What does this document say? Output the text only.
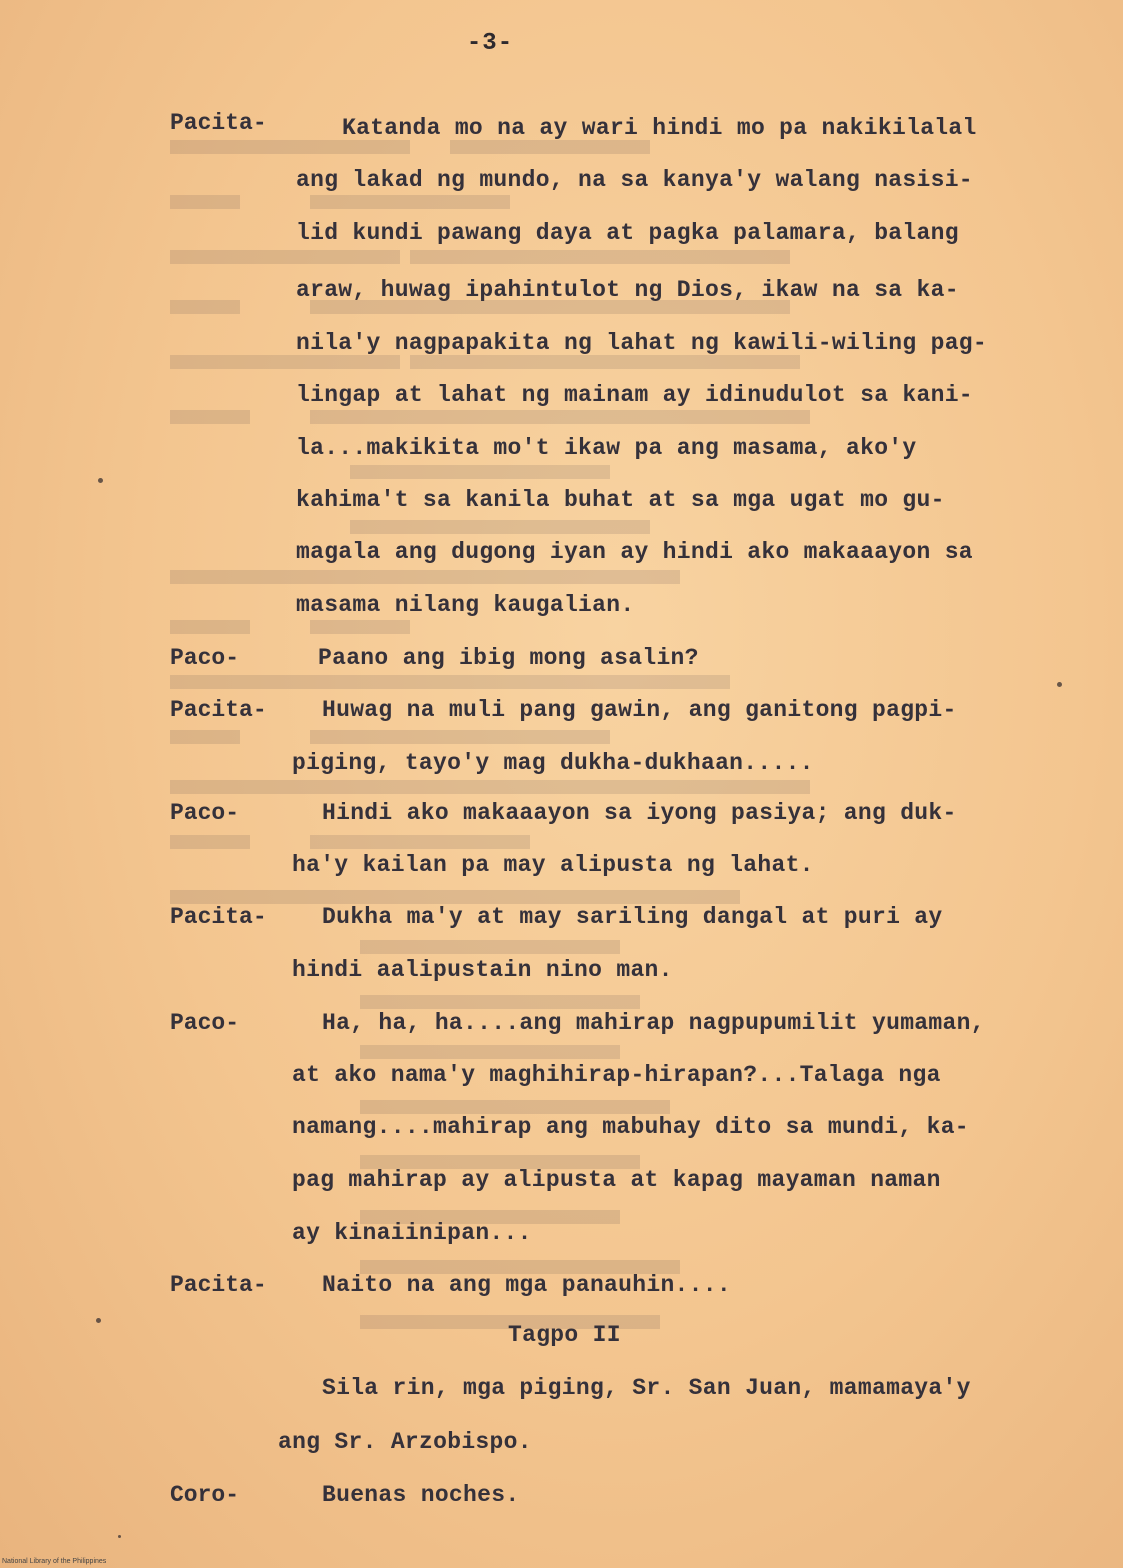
-3-
Pacita-	Katanda mo na ay wari hindi mo pa nakikilalal
ang lakad ng mundo, na sa kanya'y walang nasisi-
lid kundi pawang daya at pagka palamara, balang
araw, huwag ipahintulot ng Dios, ikaw na sa ka-
nila'y nagpapakita ng lahat ng kawili-wiling pag-
lingap at lahat ng mainam ay idinudulot sa kani-
la...makikita mo't ikaw pa ang masama, ako'y
kahima't sa kanila buhat at sa mga ugat mo gu-
magala ang dugong iyan ay hindi ako makaaayon sa
masama nilang kaugalian.
Paco-	Paano ang ibig mong asalin?
Pacita- Huwag na muli pang gawin, ang ganitong pagpi-
piging, tayo'y mag dukha-dukhaan.....
Paco-	Hindi ako makaaayon sa iyong pasiya; ang duk-
ha'y kailan pa may alipusta ng lahat.
Pacita- Dukha ma'y at may sariling dangal at puri ay
hindi aalipustain nino man.
Paco-	Ha, ha, ha....ang mahirap nagpupumilit yumaman,
at ako nama'y maghihirap-hirapan?...Talaga nga
namang....mahirap ang mabuhay dito sa mundi, ka-
pag mahirap ay alipusta at kapag mayaman naman
ay kinaiinipan...
Pacita- Naito na ang mga panauhin....
Tagpo II
Sila rin, mga piging, Sr. San Juan, mamamaya'y
ang Sr. Arzobispo.
Coro-	Buenas noches.
National Library of the Philippines
